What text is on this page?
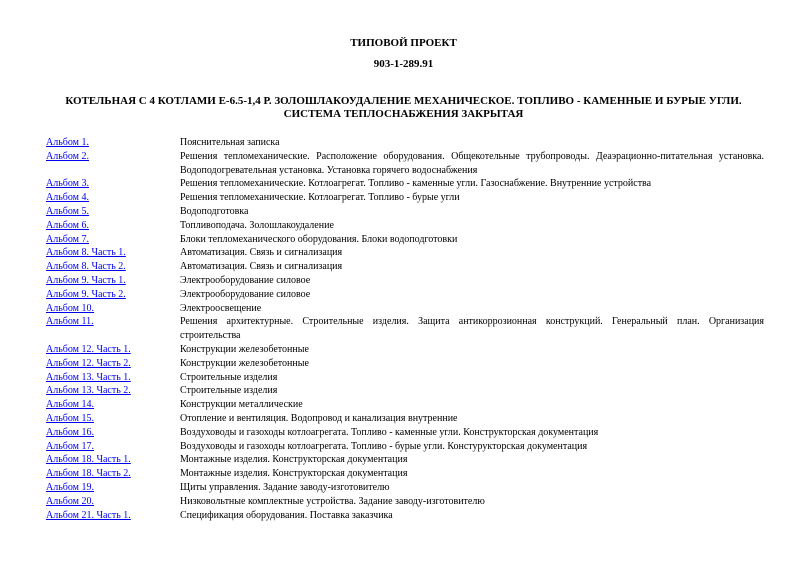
ТИПОВОЙ ПРОЕКТ
903-1-289.91
КОТЕЛЬНАЯ С 4 КОТЛАМИ Е-6.5-1,4 Р. ЗОЛОШЛАКОУДАЛЕНИЕ МЕХАНИЧЕСКОЕ. ТОПЛИВО - КАМЕННЫЕ И БУРЫЕ УГЛИ. СИСТЕМА ТЕПЛОСНАБЖЕНИЯ ЗАКРЫТАЯ
Альбом 1.	Пояснительная записка
Альбом 2.	Решения тепломеханические. Расположение оборудования. Общекотельные трубопроводы. Деаэрационно-питательная установка. Водоподогревательная установка. Установка горячего водоснабжения
Альбом 3.	Решения тепломеханические. Котлоагрегат. Топливо - каменные угли. Газоснабжение. Внутренние устройства
Альбом 4.	Решения тепломеханические. Котлоагрегат. Топливо - бурые угли
Альбом 5.	Водоподготовка
Альбом 6.	Топливоподача. Золошлакоудаление
Альбом 7.	Блоки тепломеханического оборудования. Блоки водоподготовки
Альбом 8. Часть 1.	Автоматизация. Связь и сигнализация
Альбом 8. Часть 2.	Автоматизация. Связь и сигнализация
Альбом 9. Часть 1.	Электрооборудование силовое
Альбом 9. Часть 2.	Электрооборудование силовое
Альбом 10.	Электроосвещение
Альбом 11.	Решения архитектурные. Строительные изделия. Защита антикоррозионная конструкций. Генеральный план. Организация строительства
Альбом 12. Часть 1.	Конструкции железобетонные
Альбом 12. Часть 2.	Конструкции железобетонные
Альбом 13. Часть 1.	Строительные изделия
Альбом 13. Часть 2.	Строительные изделия
Альбом 14.	Конструкции металлические
Альбом 15.	Отопление и вентиляция. Водопровод и канализация внутренние
Альбом 16.	Воздуховоды и газоходы котлоагрегата. Топливо - каменные угли. Конструкторская документация
Альбом 17.	Воздуховоды и газоходы котлоагрегата. Топливо - бурые угли. Констурукторская документация
Альбом 18. Часть 1.	Монтажные изделия. Конструкторская документация
Альбом 18. Часть 2.	Монтажные изделия. Конструкторская документация
Альбом 19.	Щиты управления. Задание заводу-изготовителю
Альбом 20.	Низковольтные комплектные устройства. Задание заводу-изготовителю
Альбом 21. Часть 1.	Спецификация оборудования. Поставка заказчика
